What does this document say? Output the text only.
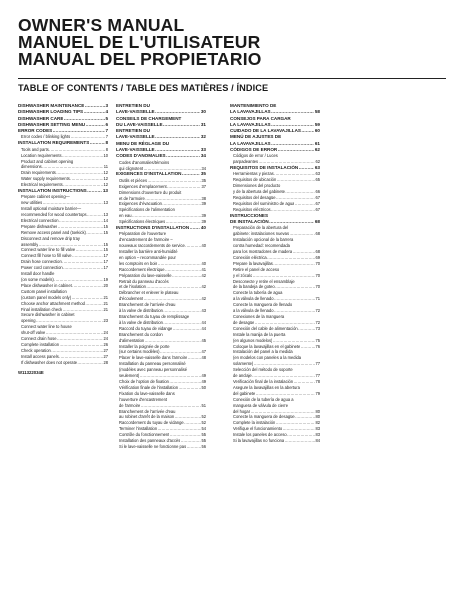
OWNER'S MANUAL
MANUEL DE L'UTILISATEUR
MANUAL DEL PROPIETARIO
TABLE OF CONTENTS / TABLE DES MATIÈRES / ÍNDICE
DISHWASHER MAINTENANCE .....	3
DISHWASHER LOADING TIPS .....	4
DISHWASHER CARE .....	5
DISHWASHER SETTING MENU .....	6
ERROR CODES .....	7
Error codes / blinking lights .....	7
INSTALLATION REQUIREMENTS .....	8
Tools and parts .....	8
Location requirements .....	10
Product and cabinet opening
dimensions .....	11
Drain requirements .....	12
Water supply requirements .....	12
Electrical requirements .....	12
INSTALLATION INSTRUCTIONS .....	13
Prepare cabinet opening—
new utilities .....	13
Install optional moisture barrier—
recommended for wood countertops .....	13
Electrical connection .....	14
Prepare dishwasher .....	15
Remove access panel and (toekick) .....	15
Disconnect and remove drip tray
assembly .....	15
Connect water line to fill valve .....	15
Connect fill hose to fill valve .....	17
Drain hose connection .....	17
Power cord connection .....	17
Install door handle
(on some models) .....	19
Place dishwasher in cabinet .....	20
Custom panel installation
(custom panel models only) .....	21
Choose anchor attachment method .....	21
Final installation check .....	21
Secure dishwasher in cabinet
opening .....	23
Connect water line to house
shut-off valve .....	24
Connect drain hose .....	24
Complete installation .....	26
Check operation .....	27
Install access panels .....	27
If dishwasher does not operate .....	28
ENTRETIEN DU
LAVE-VAISSELLE .....	30
CONSEILS DE CHARGEMENT
DU LAVE-VAISSELLE .....	31
ENTRETIEN DU
LAVE-VAISSELLE .....	32
MENU DE RÉGLAGE DU
LAVE-VAISSELLE .....	33
CODES D'ANOMALIES .....	34
Codes d'anomalies/témoins
qui clignotent .....	34
EXIGENCES D'INSTALLATION .....	35
Outils et pièces .....	35
Exigences d'emplacement .....	37
Dimensions d'ouverture du produit
et de l'armoire .....	38
Exigences d'évacuation .....	39
Spécifications de l'alimentation
en eau .....	39
Spécifications électriques .....	39
INSTRUCTIONS D'INSTALLATION .....	40
Préparation de l'ouverture
d'encastrement de l'armoire –
nouveaux raccordements de service .....	40
Installer la barrière anti-humidité
en option – recommandée pour
les comptoirs en bois .....	40
Raccordement électrique .....	41
Préparation du lave-vaisselle .....	42
Retrait du panneau d'accès
et de l'isolation .....	42
Débrancher et enlever le plateau
d'écoulement .....	42
Branchement de l'arrivée d'eau
à la valve de distribution .....	43
Branchement du tuyau de remplissage
à la valve de distribution .....	44
Raccord du tuyau de vidange .....	44
Branchement du cordon
d'alimentation .....	45
Installer la poignée de porte
(sur certains modèles) .....	47
Placer le lave-vaisselle dans l'armoire .....	48
Installation du panneau personnalisé
(modèles avec panneau personnalisé
seulement) .....	49
Choix de l'option de fixation .....	49
Vérification finale de l'installation .....	50
Fixation du lave-vaisselle dans
l'ouverture d'encastrement
de l'armoire .....	51
Branchement de l'arrivée d'eau
au robinet d'arrêt de la maison .....	52
Raccordement du tuyau de vidange .....	52
Terminer l'installation .....	54
Contrôle du fonctionnement .....	55
Installation des panneaux d'accès .....	55
Si le lave-vaisselle ne fonctionne pas .....	56
MANTENIMIENTO DE
LA LAVAVAJILLAS .....	58
CONSEJOS PARA CARGAR
LA LAVAVAJILLAS .....	59
CUIDADO DE LA LAVAVAJILLAS .....	60
MENÚ DE AJUSTES DE
LA LAVAVAJILLAS .....	61
CÓDIGOS DE ERROR .....	62
Códigos de error / Luces
parpadeantes .....	62
REQUISITOS DE INSTALACIÓN .....	63
Herramientas y piezas .....	63
Requisitos de ubicación .....	65
Dimensiones del producto
y de la abertura del gabinete .....	66
Requisitos del desagüe .....	67
Requisitos del suministro de agua .....	67
Requisitos eléctricos .....	67
INSTRUCCIONES
DE INSTALACIÓN .....	68
Preparación de la abertura del
gabinete: instalaciones nuevas .....	68
Instalación opcional de la barrera
contra humedad: recomendada
para los mostradores de madera .....	68
Conexión eléctrica .....	69
Prepare la lavavajillas .....	70
Retire el panel de acceso
y el zócalo .....	70
Desconecte y retire el ensamblaje
de la bandeja de goteo .....	70
Conecte la tubería de agua
a la válvula de llenado .....	71
Conecte la manguera de llenado
a la válvula de llenado .....	72
Conexiones de la manguera
de desagüe .....	72
Conexión del cable de alimentación .....	73
Instale la manija de la puerta
(en algunos modelos) .....	75
Coloque la lavavajillas en el gabinete .....	76
Instalación del panel a la medida
(en modelos con paneles a la medida
solamente) .....	77
Selección del método de soporte
de anclaje .....	77
Verificación final de la instalación .....	78
Asegure la lavavajillas en la abertura
del gabinete .....	79
Conexión de la tubería de agua a
manguera de válvula de cierre
del hogar .....	80
Conecte la manguera de desagüe .....	80
Complete la instalación .....	82
Verifique el funcionamiento .....	83
Instale los paneles de acceso .....	83
Si la lavavajillas no funciona .....	84
W11322034E
